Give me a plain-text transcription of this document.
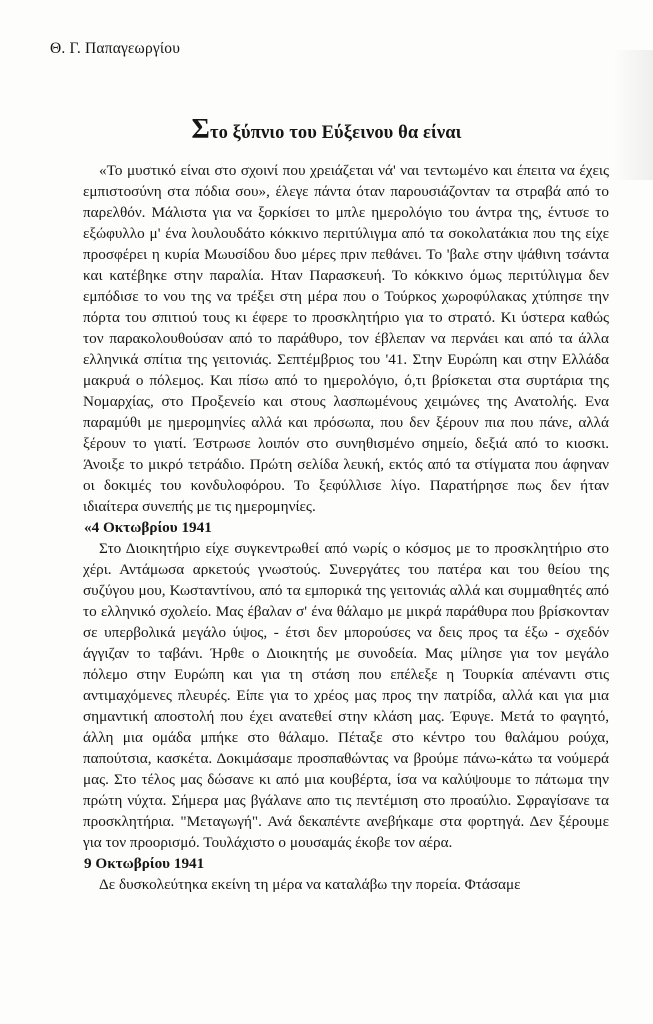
Θ. Γ. Παπαγεωργίου
Στο ξύπνιο του Εύξεινου θα είναι

«Το μυστικό είναι στο σχοινί που χρειάζεται νά' ναι τεντωμένο και έπειτα να έχεις εμπιστοσύνη στα πόδια σου», έλεγε πάντα όταν παρουσιάζονταν τα στραβά από το παρελθόν. Μάλιστα για να ξορκίσει το μπλε ημερολόγιο του άντρα της, έντυσε το εξώφυλλο μ' ένα λουλουδάτο κόκκινο περιτύλιγμα από τα σοκολατάκια που της είχε προσφέρει η κυρία Μωυσίδου δυο μέρες πριν πεθάνει. Το 'βαλε στην ψάθινη τσάντα και κατέβηκε στην παραλία. Ηταν Παρασκευή. Το κόκκινο όμως περιτύλιγμα δεν εμπόδισε το νου της να τρέξει στη μέρα που ο Τούρκος χωροφύλακας χτύπησε την πόρτα του σπιτιού τους κι έφερε το προσκλητήριο για το στρατό. Κι ύστερα καθώς τον παρακολουθούσαν από το παράθυρο, τον έβλεπαν να περνάει και από τα άλλα ελληνικά σπίτια της γειτονιάς. Σεπτέμβριος του '41. Στην Ευρώπη και στην Ελλάδα μακρυά ο πόλεμος. Και πίσω από το ημερολόγιο, ό,τι βρίσκεται στα συρτάρια της Νομαρχίας, στο Προξενείο και στους λασπωμένους χειμώνες της Ανατολής. Ενα παραμύθι με ημερομηνίες αλλά και πρόσωπα, που δεν ξέρουν πια που πάνε, αλλά ξέρουν το γιατί. Έστρωσε λοιπόν στο συνηθισμένο σημείο, δεξιά από το κιοσκι. Άνοιξε το μικρό τετράδιο. Πρώτη σελίδα λευκή, εκτός από τα στίγματα που άφηναν οι δοκιμές του κονδυλοφόρου. Το ξεφύλλισε λίγο. Παρατήρησε πως δεν ήταν ιδιαίτερα συνεπής με τις ημερομηνίες.

«4 Οκτωβρίου 1941

Στο Διοικητήριο είχε συγκεντρωθεί από νωρίς ο κόσμος με το προσκλητήριο στο χέρι. Αντάμωσα αρκετούς γνωστούς. Συνεργάτες του πατέρα και του θείου της συζύγου μου, Κωσταντίνου, από τα εμπορικά της γειτονιάς αλλά και συμμαθητές από το ελληνικό σχολείο. Μας έβαλαν σ' ένα θάλαμο με μικρά παράθυρα που βρίσκονταν σε υπερβολικά μεγάλο ύψος, - έτσι δεν μπορούσες να δεις προς τα έξω - σχεδόν άγγιζαν το ταβάνι. Ήρθε ο Διοικητής με συνοδεία. Μας μίλησε για τον μεγάλο πόλεμο στην Ευρώπη και για τη στάση που επέλεξε η Τουρκία απέναντι στις αντιμαχόμενες πλευρές. Είπε για το χρέος μας προς την πατρίδα, αλλά και για μια σημαντική αποστολή που έχει ανατεθεί στην κλάση μας. Έφυγε. Μετά το φαγητό, άλλη μια ομάδα μπήκε στο θάλαμο. Πέταξε στο κέντρο του θαλάμου ρούχα, παπούτσια, κασκέτα. Δοκιμάσαμε προσπαθώντας να βρούμε πάνω-κάτω τα νούμερά μας. Στο τέλος μας δώσανε κι από μια κουβέρτα, ίσα να καλύψουμε το πάτωμα την πρώτη νύχτα. Σήμερα μας βγάλανε απο τις πεντέμιση στο προαύλιο. Σφραγίσανε τα προσκλητήρια. "Μεταγωγή". Ανά δεκαπέντε ανεβήκαμε στα φορτηγά. Δεν ξέρουμε για τον προορισμό. Τουλάχιστο ο μουσαμάς έκοβε τον αέρα.

9 Οκτωβρίου 1941

Δε δυσκολεύτηκα εκείνη τη μέρα να καταλάβω την πορεία. Φτάσαμε
